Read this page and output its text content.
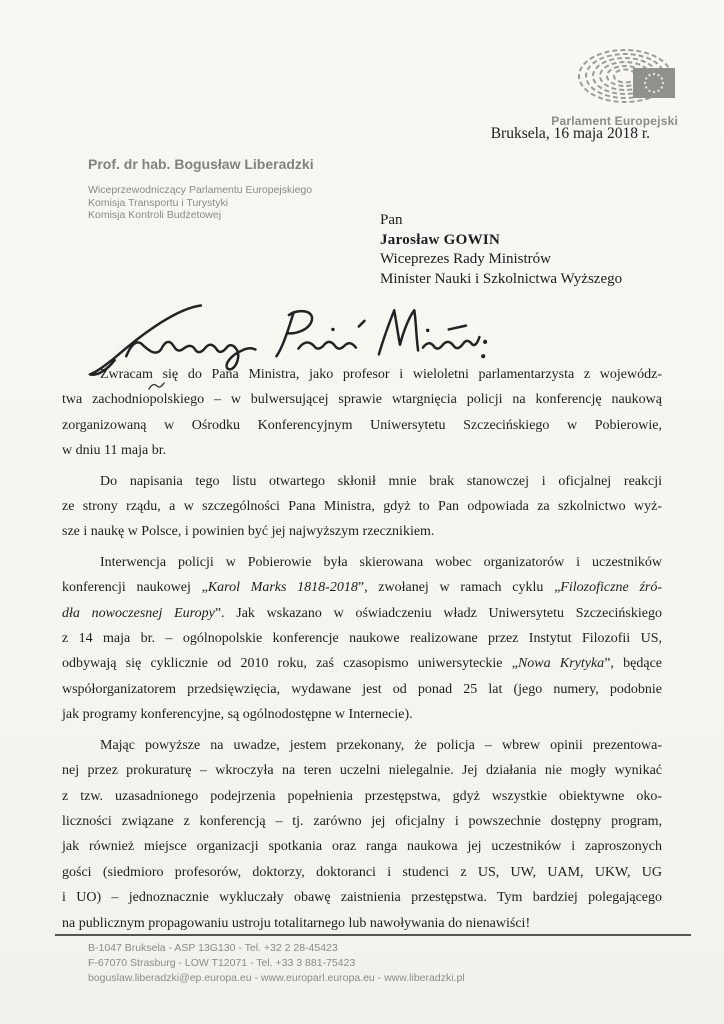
Parlament Europejski
Bruksela, 16 maja 2018 r.
Prof. dr hab. Bogusław Liberadzki
Wiceprzewodniczący Parlamentu Europejskiego
Komisja Transportu i Turystyki
Komisja Kontroli Budżetowej	Pan
Jarosław GOWIN
Wiceprezes Rady Ministrów
Minister Nauki i Szkolnictwa Wyższego
Zwracam się do Pana Ministra, jako profesor i wieloletni parlamentarzysta z wojewódz-
twa zachodniopolskiego – w bulwersującej sprawie wtargnięcia policji na konferencję naukową
zorganizowaną w Ośrodku Konferencyjnym Uniwersytetu Szczecińskiego w Pobierowie,
w dniu 11 maja br.
Do napisania tego listu otwartego skłonił mnie brak stanowczej i oficjalnej reakcji
ze strony rządu, a w szczególności Pana Ministra, gdyż to Pan odpowiada za szkolnictwo wyż-
sze i naukę w Polsce, i powinien być jej najwyższym rzecznikiem.
Interwencja policji w Pobierowie była skierowana wobec organizatorów i uczestników
konferencji naukowej „Karol Marks 1818-2018”, zwołanej w ramach cyklu „Filozoficzne źró-
dła nowoczesnej Europy”. Jak wskazano w oświadczeniu władz Uniwersytetu Szczecińskiego
z 14 maja br. – ogólnopolskie konferencje naukowe realizowane przez Instytut Filozofii US,
odbywają się cyklicznie od 2010 roku, zaś czasopismo uniwersyteckie „Nowa Krytyka”, będące
współorganizatorem przedsięwzięcia, wydawane jest od ponad 25 lat (jego numery, podobnie
jak programy konferencyjne, są ogólnodostępne w Internecie).
Mając powyższe na uwadze, jestem przekonany, że policja – wbrew opinii prezentowa-
nej przez prokuraturę – wkroczyła na teren uczelni nielegalnie. Jej działania nie mogły wynikać
z tzw. uzasadnionego podejrzenia popełnienia przestępstwa, gdyż wszystkie obiektywne oko-
liczności związane z konferencją – tj. zarówno jej oficjalny i powszechnie dostępny program,
jak również miejsce organizacji spotkania oraz ranga naukowa jej uczestników i zaproszonych
gości (siedmioro profesorów, doktorzy, doktoranci i studenci z US, UW, UAM, UKW, UG
i UO) – jednoznacznie wykluczały obawę zaistnienia przestępstwa. Tym bardziej polegającego
na publicznym propagowaniu ustroju totalitarnego lub nawoływania do nienawiści!
B-1047 Bruksela - ASP 13G130 - Tel. +32 2 28-45423
F-67070 Strasburg - LOW T12071 - Tel. +33 3 881-75423
boguslaw.liberadzki@ep.europa.eu - www.europarl.europa.eu - www.liberadzki.pl
